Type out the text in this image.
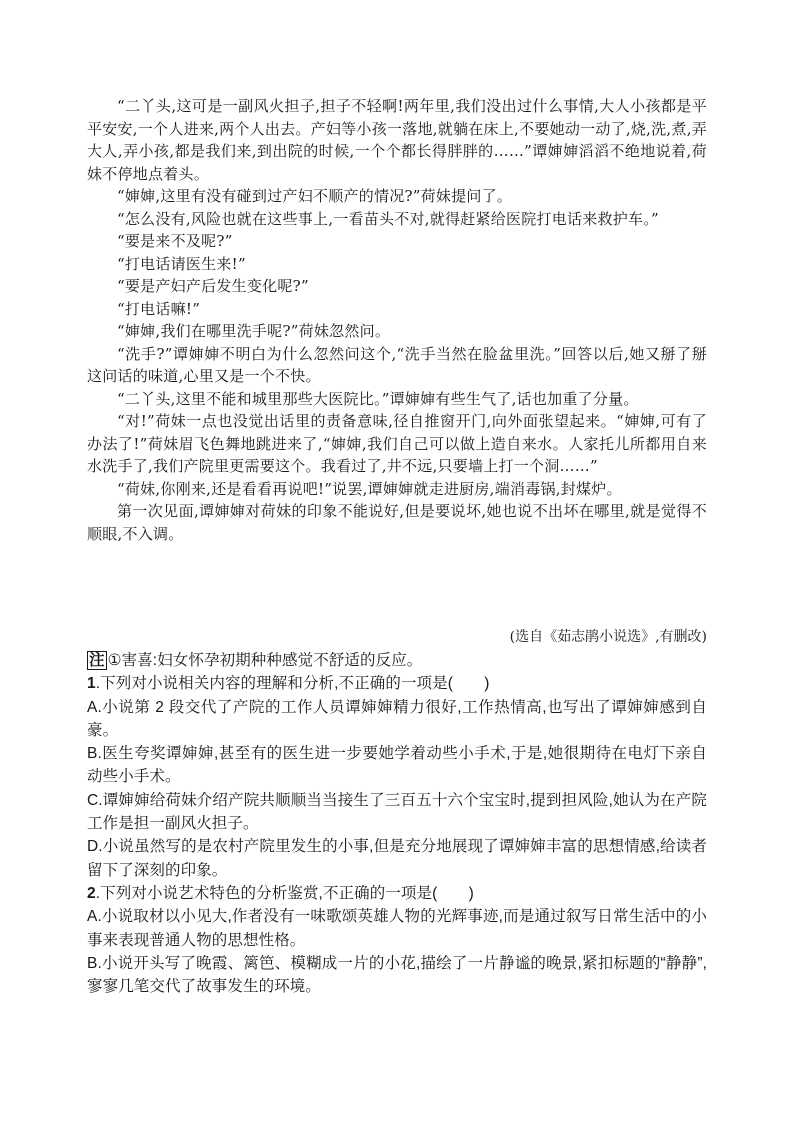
“二丫头,这可是一副风火担子,担子不轻啊!两年里,我们没出过什么事情,大人小孩都是平平安安,一个人进来,两个人出去。产妇等小孩一落地,就躺在床上,不要她动一动了,烧,洗,煮,弄大人,弄小孩,都是我们来,到出院的时候,一个个都长得胖胖的……”谭婶婶滔滔不绝地说着,荷妹不停地点着头。

“婶婶,这里有没有碰到过产妇不顺产的情况?”荷妹提问了。

“怎么没有,风险也就在这些事上,一看苗头不对,就得赶紧给医院打电话来救护车。”

“要是来不及呢?”

“打电话请医生来!”

“要是产妇产后发生变化呢?”

“打电话嘛!”

“婶婶,我们在哪里洗手呢?”荷妹忽然问。

“洗手?”谭婶婶不明白为什么忽然问这个,“洗手当然在脸盆里洗。”回答以后,她又掰了掰这问话的味道,心里又是一个不快。

“二丫头,这里不能和城里那些大医院比。”谭婶婶有些生气了,话也加重了分量。

“对!”荷妹一点也没觉出话里的责备意味,径自推窗开门,向外面张望起来。“婶婶,可有了办法了!”荷妹眉飞色舞地跳进来了,“婶婶,我们自己可以做上造自来水。人家托儿所都用自来水洗手了,我们产院里更需要这个。我看过了,井不远,只要墙上打一个洞……”

“荷妹,你刚来,还是看看再说吧!”说罢,谭婶婶就走进厨房,端消毒锅,封煤炉。

第一次见面,谭婶婶对荷妹的印象不能说好,但是要说坏,她也说不出坏在哪里,就是觉得不顺眼,不入调。

(选自《茹志鹃小说选》,有删改)

注 ①害喜:妇女怀孕初期种种感觉不舒适的反应。

1.下列对小说相关内容的理解和分析,不正确的一项是(　　)

A.小说第 2 段交代了产院的工作人员谭婶婶精力很好,工作热情高,也写出了谭婶婶感到自豪。

B.医生夸奖谭婶婶,甚至有的医生进一步要她学着动些小手术,于是,她很期待在电灯下亲自动些小手术。

C.谭婶婶给荷妹介绍产院共顺顺当当接生了三百五十六个宝宝时,提到担风险,她认为在产院工作是担一副风火担子。

D.小说虽然写的是农村产院里发生的小事,但是充分地展现了谭婶婶丰富的思想情感,给读者留下了深刻的印象。

2.下列对小说艺术特色的分析鉴赏,不正确的一项是(　　)

A.小说取材以小见大,作者没有一味歌颂英雄人物的光辉事迹,而是通过叙写日常生活中的小事来表现普通人物的思想性格。

B.小说开头写了晚霞、篱笆、模糊成一片的小花,描绘了一片静谧的晚景,紧扣标题的“静静”,寥寥几笔交代了故事发生的环境。
